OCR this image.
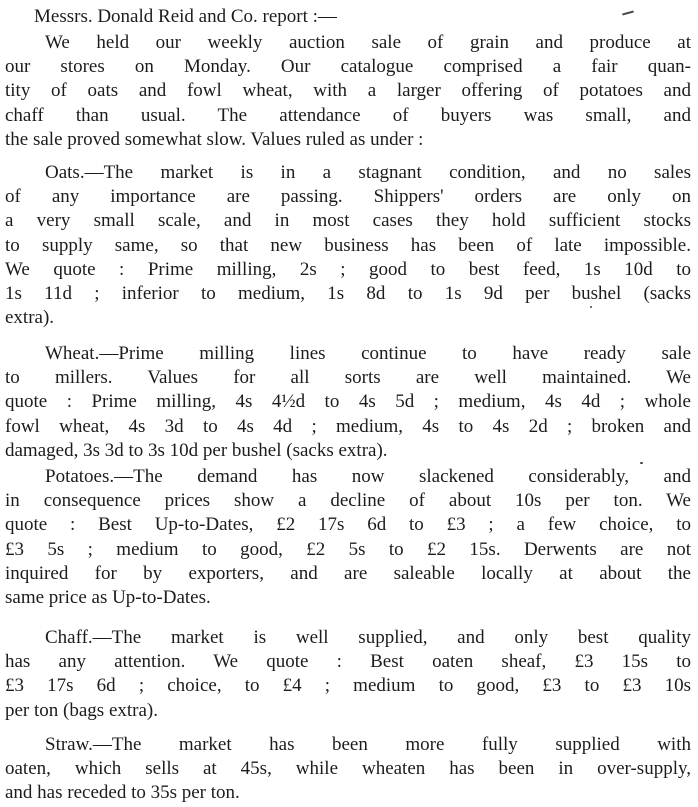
Messrs. Donald Reid and Co. report :—
We held our weekly auction sale of grain and produce at
our stores on Monday. Our catalogue comprised a fair quan-
tity of oats and fowl wheat, with a larger offering of potatoes and
chaff than usual. The attendance of buyers was small, and
the sale proved somewhat slow. Values ruled as under :
Oats.—The market is in a stagnant condition, and no sales
of any importance are passing. Shippers' orders are only on
a very small scale, and in most cases they hold sufficient stocks
to supply same, so that new business has been of late impossible.
We quote : Prime milling, 2s ; good to best feed, 1s 10d to
1s 11d ; inferior to medium, 1s 8d to 1s 9d per bushel (sacks
extra).
Wheat.—Prime milling lines continue to have ready sale
to millers. Values for all sorts are well maintained. We
quote : Prime milling, 4s 4½d to 4s 5d ; medium, 4s 4d ; whole
fowl wheat, 4s 3d to 4s 4d ; medium, 4s to 4s 2d ; broken and
damaged, 3s 3d to 3s 10d per bushel (sacks extra).
Potatoes.—The demand has now slackened considerably, and
in consequence prices show a decline of about 10s per ton. We
quote : Best Up-to-Dates, £2 17s 6d to £3 ; a few choice, to
£3 5s ; medium to good, £2 5s to £2 15s. Derwents are not
inquired for by exporters, and are saleable locally at about the
same price as Up-to-Dates.
Chaff.—The market is well supplied, and only best quality
has any attention. We quote : Best oaten sheaf, £3 15s to
£3 17s 6d ; choice, to £4 ; medium to good, £3 to £3 10s
per ton (bags extra).
Straw.—The market has been more fully supplied with
oaten, which sells at 45s, while wheaten has been in over-supply,
and has receded to 35s per ton.
